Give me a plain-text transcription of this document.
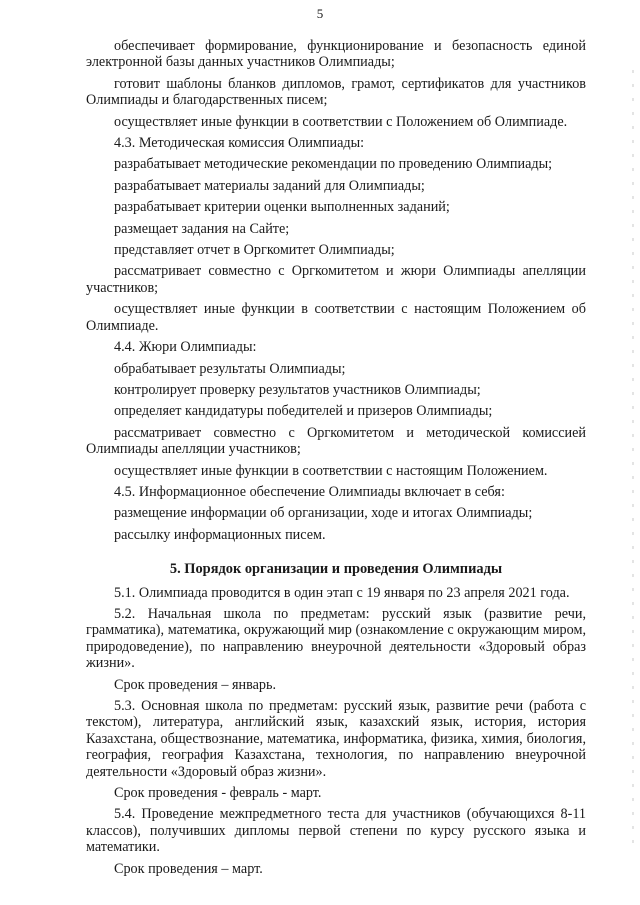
5

обеспечивает формирование, функционирование и безопасность единой электронной базы данных участников Олимпиады;

готовит шаблоны бланков дипломов, грамот, сертификатов для участников Олимпиады и благодарственных писем;

осуществляет иные функции в соответствии с Положением об Олимпиаде.

4.3. Методическая комиссия Олимпиады:

разрабатывает методические рекомендации по проведению Олимпиады;

разрабатывает материалы заданий для Олимпиады;

разрабатывает критерии оценки выполненных заданий;

размещает задания на Сайте;

представляет отчет в Оргкомитет Олимпиады;

рассматривает совместно с Оргкомитетом и жюри Олимпиады апелляции участников;

осуществляет иные функции в соответствии с настоящим Положением об Олимпиаде.

4.4. Жюри Олимпиады:

обрабатывает результаты Олимпиады;

контролирует проверку результатов участников Олимпиады;

определяет кандидатуры победителей и призеров Олимпиады;

рассматривает совместно с Оргкомитетом и методической комиссией Олимпиады апелляции участников;

осуществляет иные функции в соответствии с настоящим Положением.

4.5. Информационное обеспечение Олимпиады включает в себя:

размещение информации об организации, ходе и итогах Олимпиады;

рассылку информационных писем.

5. Порядок организации и проведения Олимпиады

5.1. Олимпиада проводится в один этап с 19 января по 23 апреля 2021 года.

5.2. Начальная школа по предметам: русский язык (развитие речи, грамматика), математика, окружающий мир (ознакомление с окружающим миром, природоведение), по направлению внеурочной деятельности «Здоровый образ жизни».

Срок проведения – январь.

5.3. Основная школа по предметам: русский язык, развитие речи (работа с текстом), литература, английский язык, казахский язык, история, история Казахстана, обществознание, математика, информатика, физика, химия, биология, география, география Казахстана, технология, по направлению внеурочной деятельности «Здоровый образ жизни».

Срок проведения - февраль - март.

5.4. Проведение межпредметного теста для участников (обучающихся 8-11 классов), получивших дипломы первой степени по курсу русского языка и математики.

Срок проведения – март.
